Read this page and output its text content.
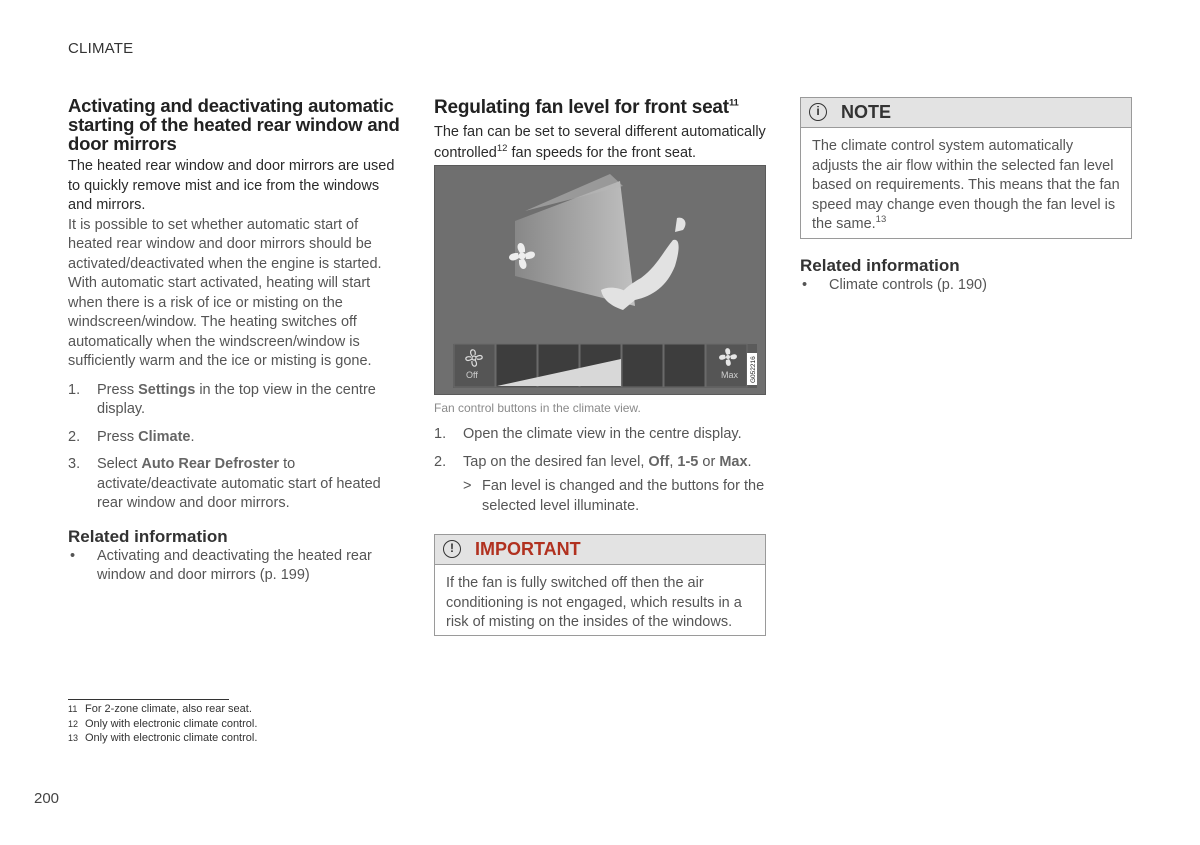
CLIMATE
Activating and deactivating automatic starting of the heated rear window and door mirrors

The heated rear window and door mirrors are used to quickly remove mist and ice from the windows and mirrors.

It is possible to set whether automatic start of heated rear window and door mirrors should be activated/deactivated when the engine is started. With automatic start activated, heating will start when there is a risk of ice or misting on the windscreen/window. The heating switches off automatically when the windscreen/window is sufficiently warm and the ice or misting is gone.

1. Press Settings in the top view in the centre display.
2. Press Climate.
3. Select Auto Rear Defroster to activate/deactivate automatic start of heated rear window and door mirrors.
Related information
• Activating and deactivating the heated rear window and door mirrors (p. 199)
Regulating fan level for front seat$^{11}$

The fan can be set to several different automatically controlled$^{12}$ fan speeds for the front seat.

Off	Max G052216
Fan control buttons in the climate view.
1. Open the climate view in the centre display.
2. Tap on the desired fan level, Off, 1-5 or Max.
> Fan level is changed and the buttons for the selected level illuminate.
!	IMPORTANT
If the fan is fully switched off then the air conditioning is not engaged, which results in a risk of misting on the insides of the windows.
i	NOTE
The climate control system automatically adjusts the air flow within the selected fan level based on requirements. This means that the fan speed may change even though the fan level is the same.$^{13}$
Related information
• Climate controls (p. 190)
11 For 2-zone climate, also rear seat.
12 Only with electronic climate control.
13 Only with electronic climate control.
200
